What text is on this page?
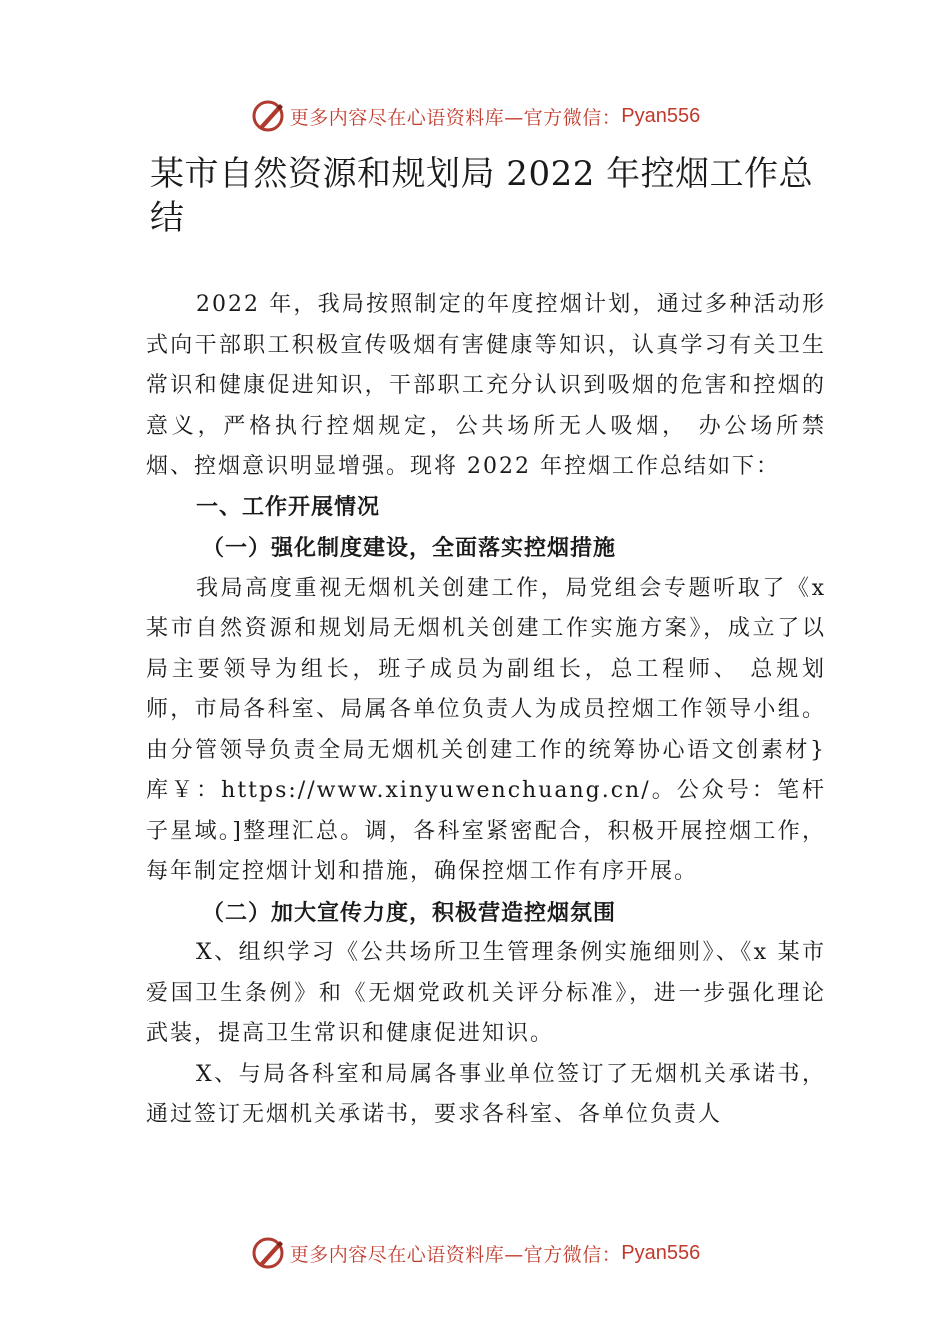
更多内容尽在心语资料库—官方微信： Pyan556
某市自然资源和规划局 2022 年控烟工作总结

2022 年，我局按照制定的年度控烟计划，通过多种活动形式向干部职工积极宣传吸烟有害健康等知识，认真学习有关卫生常识和健康促进知识，干部职工充分认识到吸烟的危害和控烟的意义，严格执行控烟规定，公共场所无人吸烟， 办公场所禁烟、控烟意识明显增强。现将 2022 年控烟工作总结如下：

一、工作开展情况

（一）强化制度建设，全面落实控烟措施

我局高度重视无烟机关创建工作，局党组会专题听取了《x 某市自然资源和规划局无烟机关创建工作实施方案》，成立了以局主要领导为组长，班子成员为副组长，总工程师、 总规划师，市局各科室、局属各单位负责人为成员控烟工作领导小组。由分管领导负责全局无烟机关创建工作的统筹协心语文创素材}库￥：https://www.xinyuwenchuang.cn/。公众号：笔杆子星域。]整理汇总。调，各科室紧密配合，积极开展控烟工作，每年制定控烟计划和措施，确保控烟工作有序开展。

（二）加大宣传力度，积极营造控烟氛围

X、组织学习《公共场所卫生管理条例实施细则》、《x 某市爱国卫生条例》和《无烟党政机关评分标准》，进一步强化理论武装，提高卫生常识和健康促进知识。

X、与局各科室和局属各事业单位签订了无烟机关承诺书，通过签订无烟机关承诺书，要求各科室、各单位负责人

更多内容尽在心语资料库—官方微信： Pyan556
